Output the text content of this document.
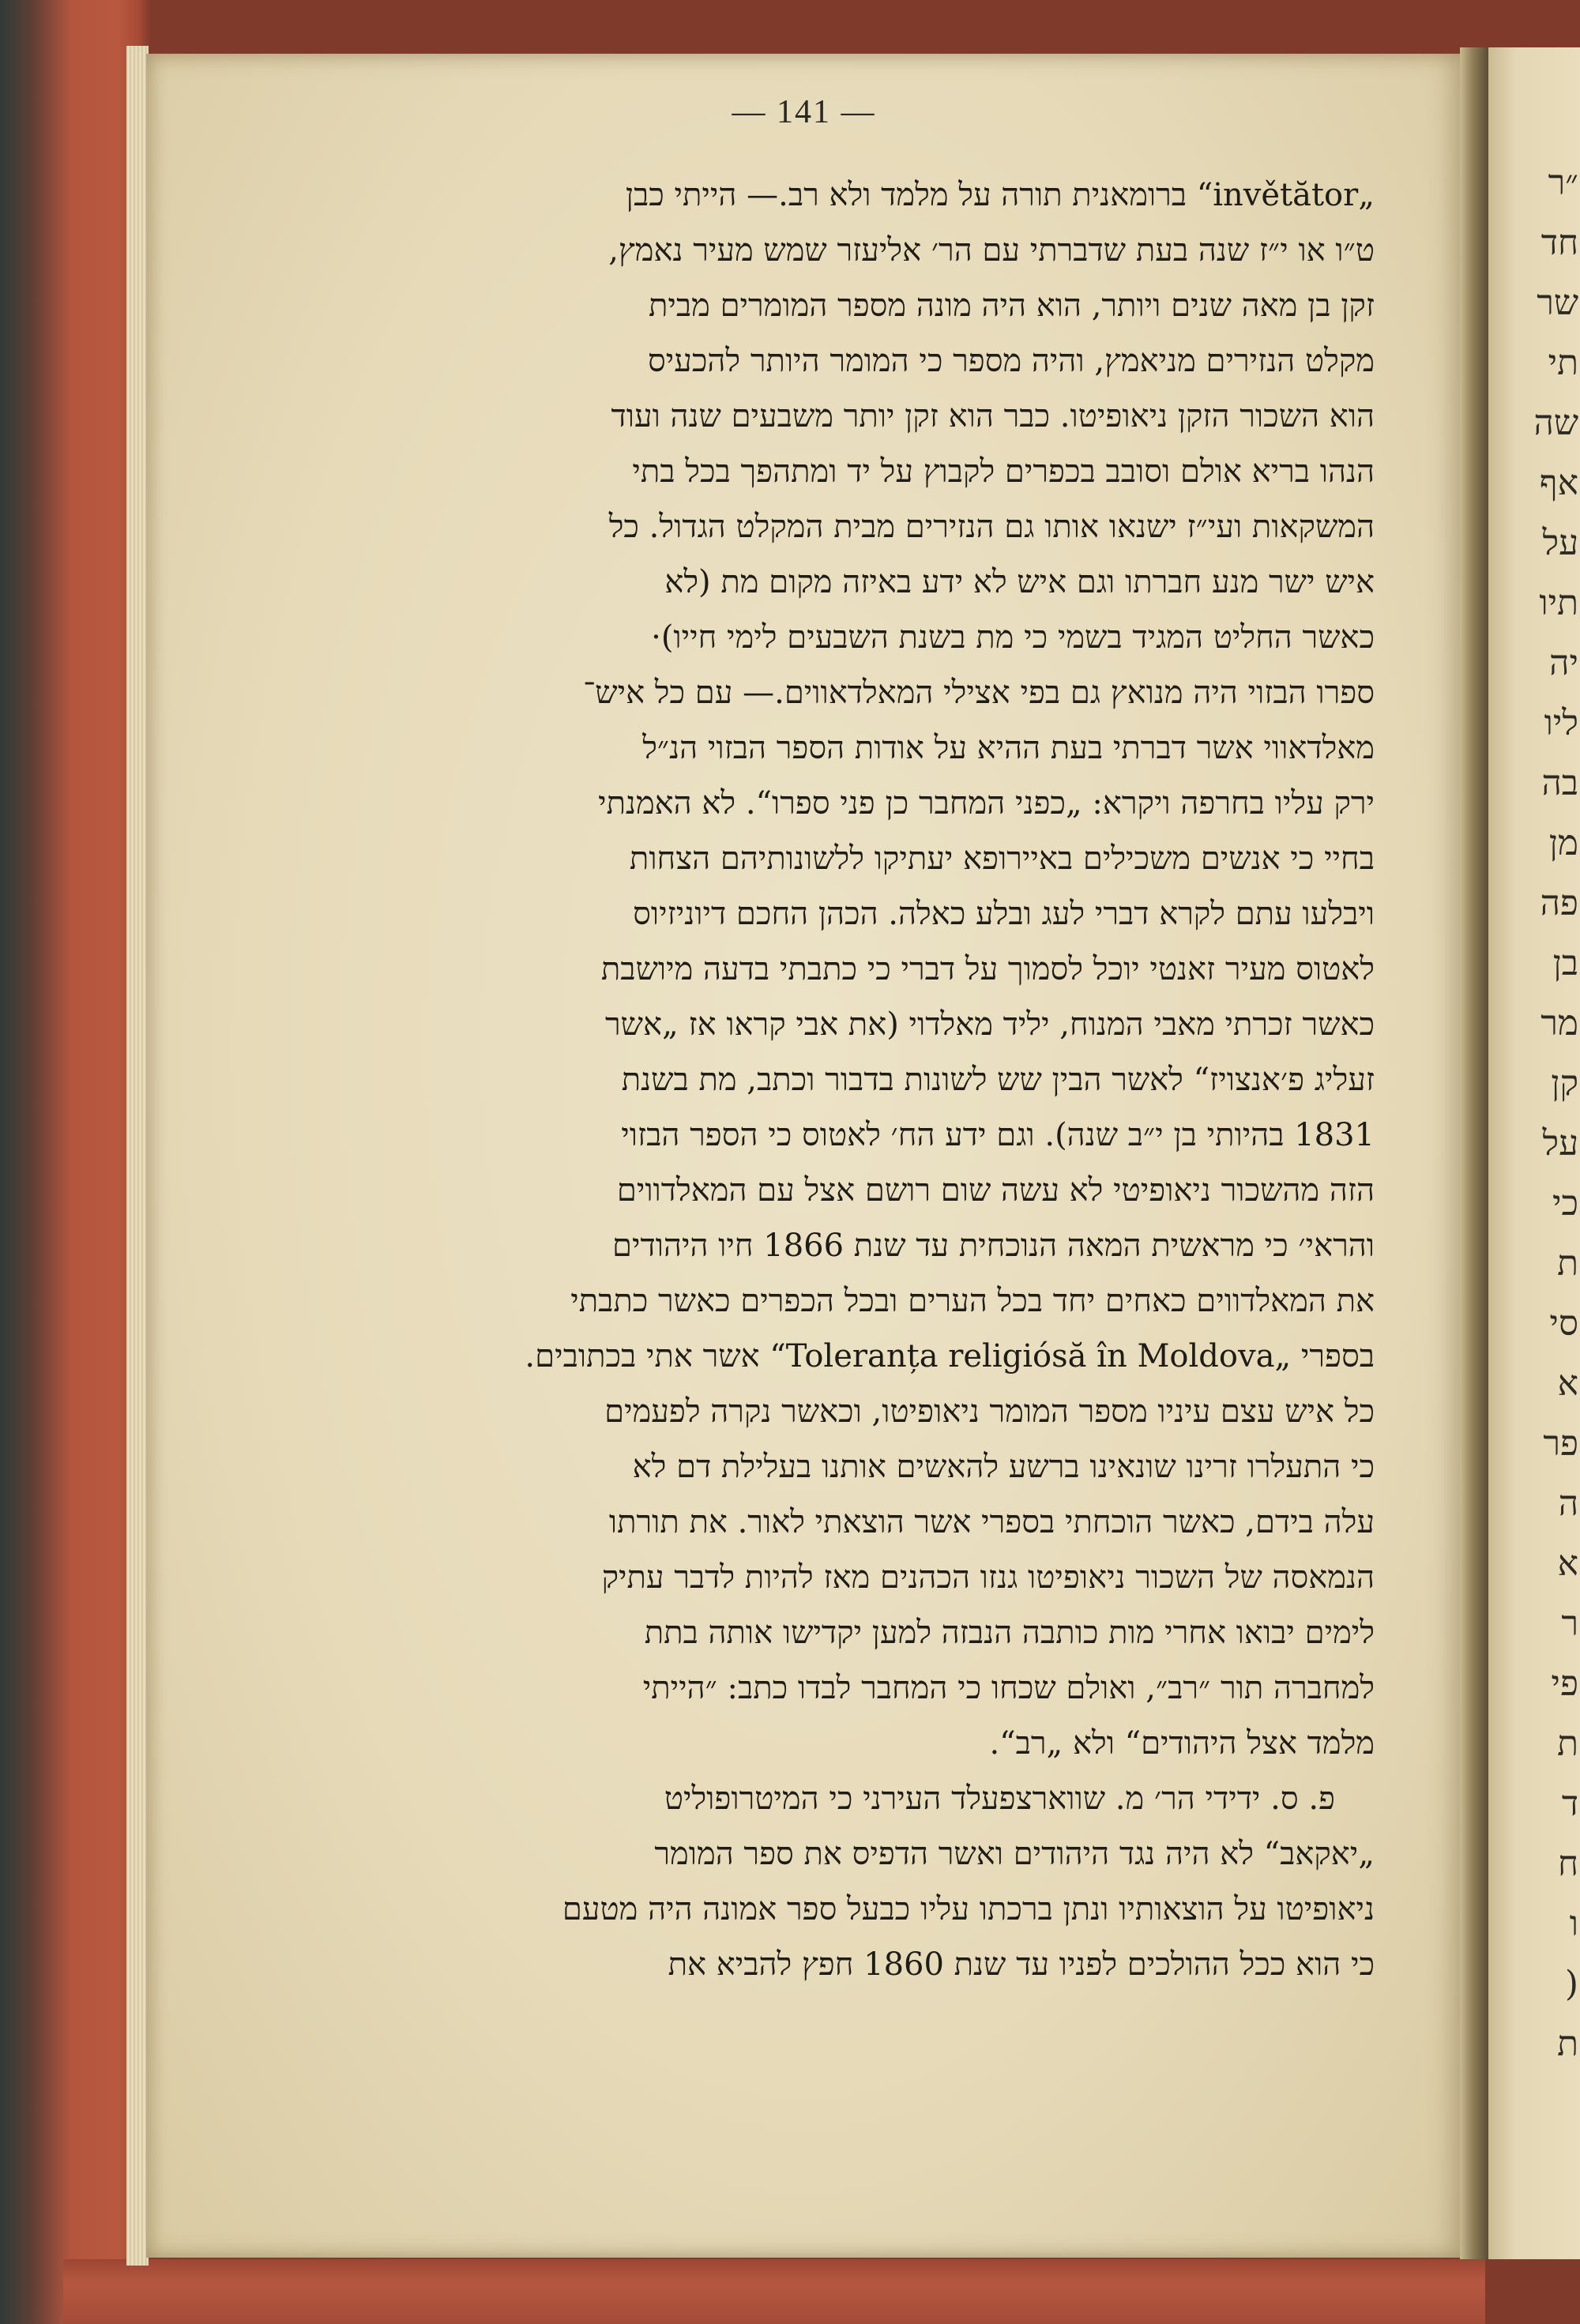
״ר
חד
שר
תי
שה
אף
על
תיו
יה
ליו
בה
מן
פה
בן
מר
קן
על
כי
ת
סי
א
פר
ה
א
ר
פי
ת
ד
ח
ו
(
ת
— 141 —
„invětător“ ברומאנית תורה על מלמד ולא רב.— הייתי כבן
ט״ו או י״ז שנה בעת שדברתי עם הר׳ אליעזר שמש מעיר נאמץ,
זקן בן מאה שנים ויותר, הוא היה מונה מספר המומרים מבית
מקלט הנזירים מניאמץ, והיה מספר כי המומר היותר להכעיס
הוא השכור הזקן ניאופיטו. כבר הוא זקן יותר משבעים שנה ועוד
הנהו בריא אולם וסובב בכפרים לקבוץ על יד ומתהפך בכל בתי
המשקאות ועי״ז ישנאו אותו גם הנזירים מבית המקלט הגדול. כל
איש ישר מנע חברתו וגם איש לא ידע באיזה מקום מת (לא
כאשר החליט המגיד בשמי כי מת בשנת השבעים לימי חייו)·
ספרו הבזוי היה מנואץ גם בפי אצילי המאלדאווים.— עם כל איש־
מאלדאווי אשר דברתי בעת ההיא על אודות הספר הבזוי הנ״ל
ירק עליו בחרפה ויקרא: „כפני המחבר כן פני ספרו“. לא האמנתי
בחיי כי אנשים משכילים באיירופא יעתיקו ללשונותיהם הצחות
ויבלעו עתם לקרא דברי לעג ובלע כאלה. הכהן החכם דיוניזיוס
לאטוס מעיר זאנטי יוכל לסמוך על דברי כי כתבתי בדעה מיושבת
כאשר זכרתי מאבי המנוח, יליד מאלדוי (את אבי קראו אז „אשר
זעליג פ׳אנצויז“ לאשר הבין שש לשונות בדבור וכתב, מת בשנת
1831 בהיותי בן י״ב שנה). וגם ידע הח׳ לאטוס כי הספר הבזוי
הזה מהשכור ניאופיטי לא עשה שום רושם אצל עם המאלדווים
והראי׳ כי מראשית המאה הנוכחית עד שנת 1866 חיו היהודים
את המאלדווים כאחים יחד בכל הערים ובכל הכפרים כאשר כתבתי
בספרי „Toleranța religiósă în Moldova“ אשר אתי בכתובים.
כל איש עצם עיניו מספר המומר ניאופיטו, וכאשר נקרה לפעמים
כי התעלרו זרינו שונאינו ברשע להאשים אותנו בעלילת דם לא
עלה בידם, כאשר הוכחתי בספרי אשר הוצאתי לאור. את תורתו
הנמאסה של השכור ניאופיטו גנזו הכהנים מאז להיות לדבר עתיק
לימים יבואו אחרי מות כותבה הנבזה למען יקדישו אותה בתת
למחברה תור ״רב״, ואולם שכחו כי המחבר לבדו כתב: ״הייתי
מלמד אצל היהודים“ ולא „רב“.
פ. ס. ידידי הר׳ מ. שווארצפעלד העירני כי המיטרופוליט
„יאקאב“ לא היה נגד היהודים ואשר הדפיס את ספר המומר
ניאופיטו על הוצאותיו ונתן ברכתו עליו כבעל ספר אמונה היה מטעם
כי הוא ככל ההולכים לפניו עד שנת 1860 חפץ להביא את
